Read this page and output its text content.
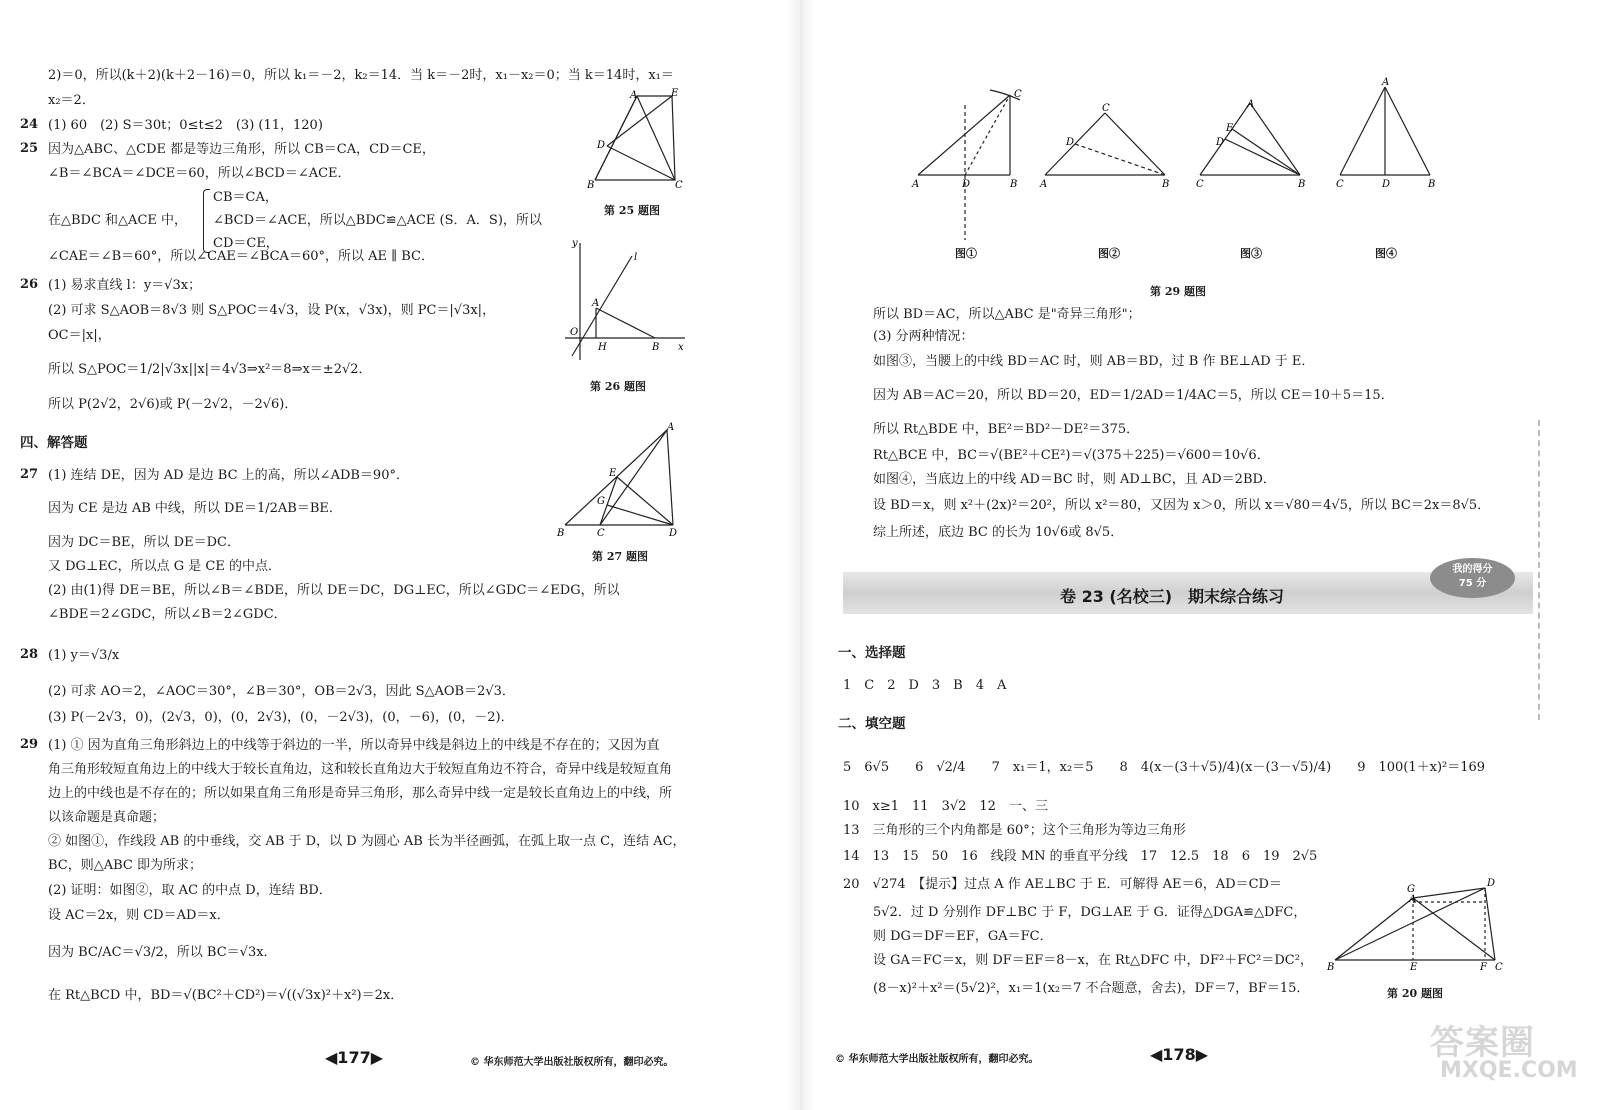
2)＝0，所以(k＋2)(k＋2－16)＝0，所以 k₁＝－2，k₂＝14．当 k＝－2时，x₁－x₂＝0；当 k＝14时，x₁＝
x₂＝2．
24 (1) 60　(2) S＝30t；0≤t≤2　(3) (11，120)
25 因为△ABC、△CDE 都是等边三角形，所以 CB＝CA，CD＝CE，
∠B＝∠BCA＝∠DCE＝60，所以∠BCD＝∠ACE．
CB＝CA，
在△BDC 和△ACE 中， ∠BCD＝∠ACE，所以△BDC≌△ACE (S．A．S)，所以
CD＝CE，
∠CAE＝∠B＝60°，所以∠CAE＝∠BCA＝60°，所以 AE ∥ BC．
A	E
D
B	C
第 25 题图
26 (1) 易求直线 l：y＝√3x；
(2) 可求 S△AOB＝8√3 则 S△POC＝4√3，设 P(x，√3x)，则 PC＝|√3x|，
OC＝|x|，
所以 S△POC＝1/2|√3x||x|＝4√3⇒x²＝8⇒x＝±2√2．
所以 P(2√2，2√6)或 P(－2√2，－2√6)．
y
l
A
O
H	B x
第 26 题图
四、解答题
27 (1) 连结 DE，因为 AD 是边 BC 上的高，所以∠ADB＝90°．
因为 CE 是边 AB 中线，所以 DE＝1/2AB＝BE．
因为 DC＝BE，所以 DE＝DC．
又 DG⊥EC，所以点 G 是 CE 的中点．
(2) 由(1)得 DE＝BE，所以∠B＝∠BDE，所以 DE＝DC，DG⊥EC，所以∠GDC＝∠EDG，所以
∠BDE＝2∠GDC，所以∠B＝2∠GDC．
A
E
G
B	C	D
第 27 题图
28 (1) y＝√3/x
(2) 可求 AO＝2，∠AOC＝30°，∠B＝30°，OB＝2√3，因此 S△AOB＝2√3．
(3) P(－2√3，0)，(2√3，0)，(0，2√3)，(0，－2√3)，(0，－6)，(0，－2)．
29 (1) ① 因为直角三角形斜边上的中线等于斜边的一半，所以奇异中线是斜边上的中线是不存在的；又因为直
角三角形较短直角边上的中线大于较长直角边，这和较长直角边大于较短直角边不符合，奇异中线是较短直角
边上的中线也是不存在的；所以如果直角三角形是奇异三角形，那么奇异中线一定是较长直角边上的中线，所
以该命题是真命题；
② 如图①，作线段 AB 的中垂线，交 AB 于 D，以 D 为圆心 AB 长为半径画弧，在弧上取一点 C，连结 AC，
BC，则△ABC 即为所求；
(2) 证明：如图②，取 AC 的中点 D，连结 BD．
设 AC＝2x，则 CD＝AD＝x．
因为 BC/AC＝√3/2，所以 BC＝√3x．
在 Rt△BCD 中，BD＝√(BC²＋CD²)＝√((√3x)²＋x²)＝2x．
◀177▶	© 华东师范大学出版社版权所有，翻印必究。
A	D	B
C
A
D
C
B	C
D
E
A
B	C
A
D	B
图①	图②	图③	图④
第 29 题图
所以 BD＝AC，所以△ABC 是"奇异三角形"；
(3) 分两种情况：
如图③，当腰上的中线 BD＝AC 时，则 AB＝BD，过 B 作 BE⊥AD 于 E．
因为 AB＝AC＝20，所以 BD＝20，ED＝1/2AD＝1/4AC＝5，所以 CE＝10＋5＝15．
所以 Rt△BDE 中，BE²＝BD²－DE²＝375．
Rt△BCE 中，BC＝√(BE²＋CE²)＝√(375＋225)＝√600＝10√6．
如图④，当底边上的中线 AD＝BC 时，则 AD⊥BC，且 AD＝2BD．
设 BD＝x，则 x²＋(2x)²＝20²，所以 x²＝80，又因为 x＞0，所以 x＝√80＝4√5，所以 BC＝2x＝8√5．
综上所述，底边 BC 的长为 10√6或 8√5．
卷 23 (名校三)　期末综合练习
我的得分
75 分
一、选择题
1　C　2　D　3　B　4　A
二、填空题
5　6√5　　6　√2/4　　7　x₁＝1，x₂＝5　　8　4(x－(3＋√5)/4)(x－(3－√5)/4)　　9　100(1＋x)²＝169
10　x≥1　11　3√2　12　一、三
13　三角形的三个内角都是 60°；这个三角形为等边三角形
14　13　15　50　16　线段 MN 的垂直平分线　17　12.5　18　6　19　2√5
20　√274　【提示】过点 A 作 AE⊥BC 于 E．可解得 AE＝6，AD＝CD＝
5√2．过 D 分别作 DF⊥BC 于 F，DG⊥AE 于 G．证得△DGA≌△DFC，
则 DG＝DF＝EF，GA＝FC．
设 GA＝FC＝x，则 DF＝EF＝8－x，在 Rt△DFC 中，DF²＋FC²＝DC²，
(8－x)²＋x²＝(5√2)²，x₁＝1(x₂＝7 不合题意，舍去)，DF＝7，BF＝15．
G
A
D
B	E	F C
第 20 题图
© 华东师范大学出版社版权所有，翻印必究。	◀178▶	答案圈
MXQE.COM
